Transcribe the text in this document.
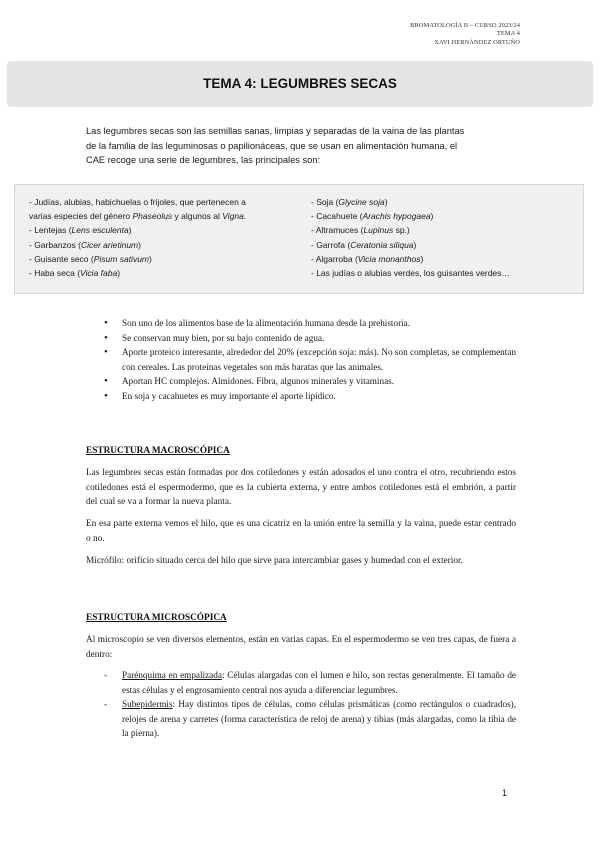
BROMATOLOGÍA II – CURSO 2023/24
TEMA 4
XAVI HERNÁNDEZ ORTUÑO
TEMA 4: LEGUMBRES SECAS
Las legumbres secas son las semillas sanas, limpias y separadas de la vaina de las plantas
de la familia de las leguminosas o papilionáceas, que se usan en alimentación humana, el
CAE recoge una serie de legumbres, las principales son:
- Judías, alubias, habichuelas o frijoles, que pertenecen a
varias especies del género Phaseolus y algunos al Vigna.
- Lentejas (Lens esculenta)
- Garbanzos (Cicer arietinum)
- Guisante seco (Pisum sativum)
- Haba seca (Vicia faba)
- Soja (Glycine soja)
- Cacahuete (Arachis hypogaea)
- Altramuces (Lupinus sp.)
- Garrofa (Ceratonia siliqua)
- Algarroba (Vicia monanthos)
- Las judías o alubias verdes, los guisantes verdes…
• Son uno de los alimentos base de la alimentación humana desde la prehistoria.
• Se conservan muy bien, por su bajo contenido de agua.
• Aporte proteico interesante, alrededor del 20% (excepción soja: más). No son completas, se complementan con cereales. Las proteínas vegetales son más baratas que las animales.
• Aportan HC complejos. Almidones. Fibra, algunos minerales y vitaminas.
• En soja y cacahuetes es muy importante el aporte lipídico.
ESTRUCTURA MACROSCÓPICA

Las legumbres secas están formadas por dos cotiledones y están adosados el uno contra el otro, recubriendo estos cotiledones está el espermodermo, que es la cubierta externa, y entre ambos cotiledones está el embrión, a partir del cual se va a formar la nueva planta.

En esa parte externa vemos el hilo, que es una cicatriz en la unión entre la semilla y la vaina, puede estar centrado o no.

Micrófilo: orificio situado cerca del hilo que sirve para intercambiar gases y humedad con el exterior.

ESTRUCTURA MICROSCÓPICA

Al microscopio se ven diversos elementos, están en varias capas. En el espermodermo se ven tres capas, de fuera a dentro:

- Parénquima en empalizada: Células alargadas con el lumen e hilo, son rectas generalmente. El tamaño de estas células y el engrosamiento central nos ayuda a diferenciar legumbres.
- Subepidermis: Hay distintos tipos de células, como células prismáticas (como rectángulos o cuadrados), relojes de arena y carretes (forma característica de reloj de arena) y tibias (más alargadas, como la tibia de la pierna).
1
